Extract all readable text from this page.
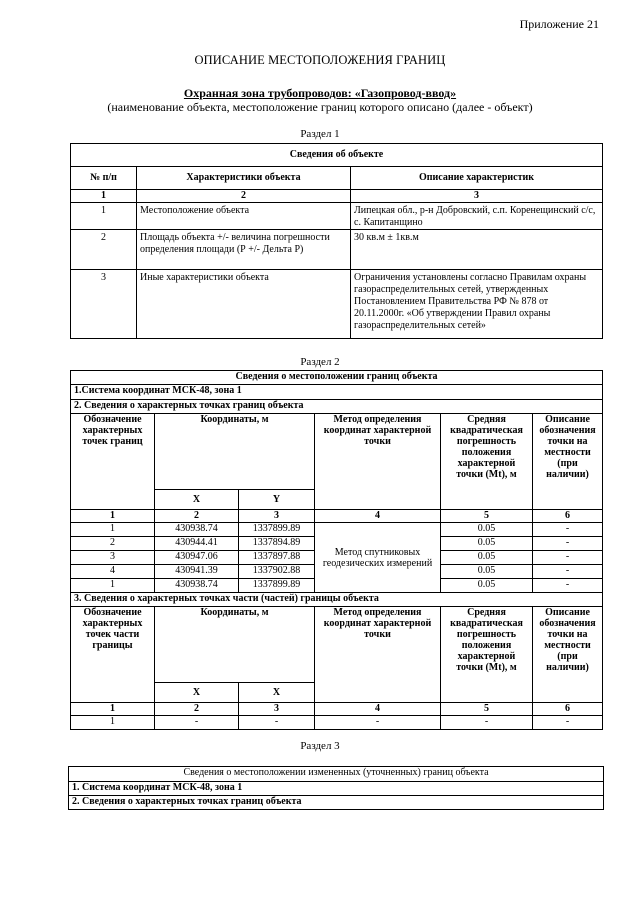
Приложение 21
ОПИСАНИЕ МЕСТОПОЛОЖЕНИЯ ГРАНИЦ
Охранная зона трубопроводов: «Газопровод-ввод»
(наименование объекта, местоположение границ которого описано (далее - объект)
Раздел 1
Сведения об объекте		
№ п/п	Характеристики объекта	Описание характеристик
1	2	3
1	Местоположение объекта	Липецкая обл., р-н Добровский, с.п. Коренещинский с/с, с. Капитанщино
2	Площадь объекта +/- величина погрешности определения площади (Р +/- Дельта Р)	30 кв.м ± 1кв.м
3	Иные характеристики объекта	Ограничения установлены согласно Правилам охраны газораспределительных сетей, утвержденных Постановлением Правительства РФ № 878 от 20.11.2000г. «Об утверждении Правил охраны газораспределительных сетей»
Раздел 2
Сведения о местоположении границ объекта					
1.Система координат МСК-48, зона 1					
2. Сведения о характерных точках границ объекта					
Обозначение характерных точек границ	Координаты, м		Метод определения координат характерной точки	Средняя квадратическая погрешность положения характерной точки (Mt), м	Описание обозначения точки на местности (при наличии)
	X	Y			
1	2	3	4	5	6
1	430938.74	1337899.89	Метод спутниковых геодезических измерений	0.05	-
2	430944.41	1337894.89		0.05	-
3	430947.06	1337897.88		0.05	-
4	430941.39	1337902.88		0.05	-
1	430938.74	1337899.89		0.05	-
3. Сведения о характерных точках части (частей) границы объекта					
Обозначение характерных точек части границы	Координаты, м		Метод определения координат характерной точки	Средняя квадратическая погрешность положения характерной точки (Mt), м	Описание обозначения точки на местности (при наличии)
	X	X			
1	2	3	4	5	6
1	-	-	-	-	-
Раздел 3
Сведения о местоположении измененных (уточненных) границ объекта
1. Система координат МСК-48, зона 1
2. Сведения о характерных точках границ объекта
